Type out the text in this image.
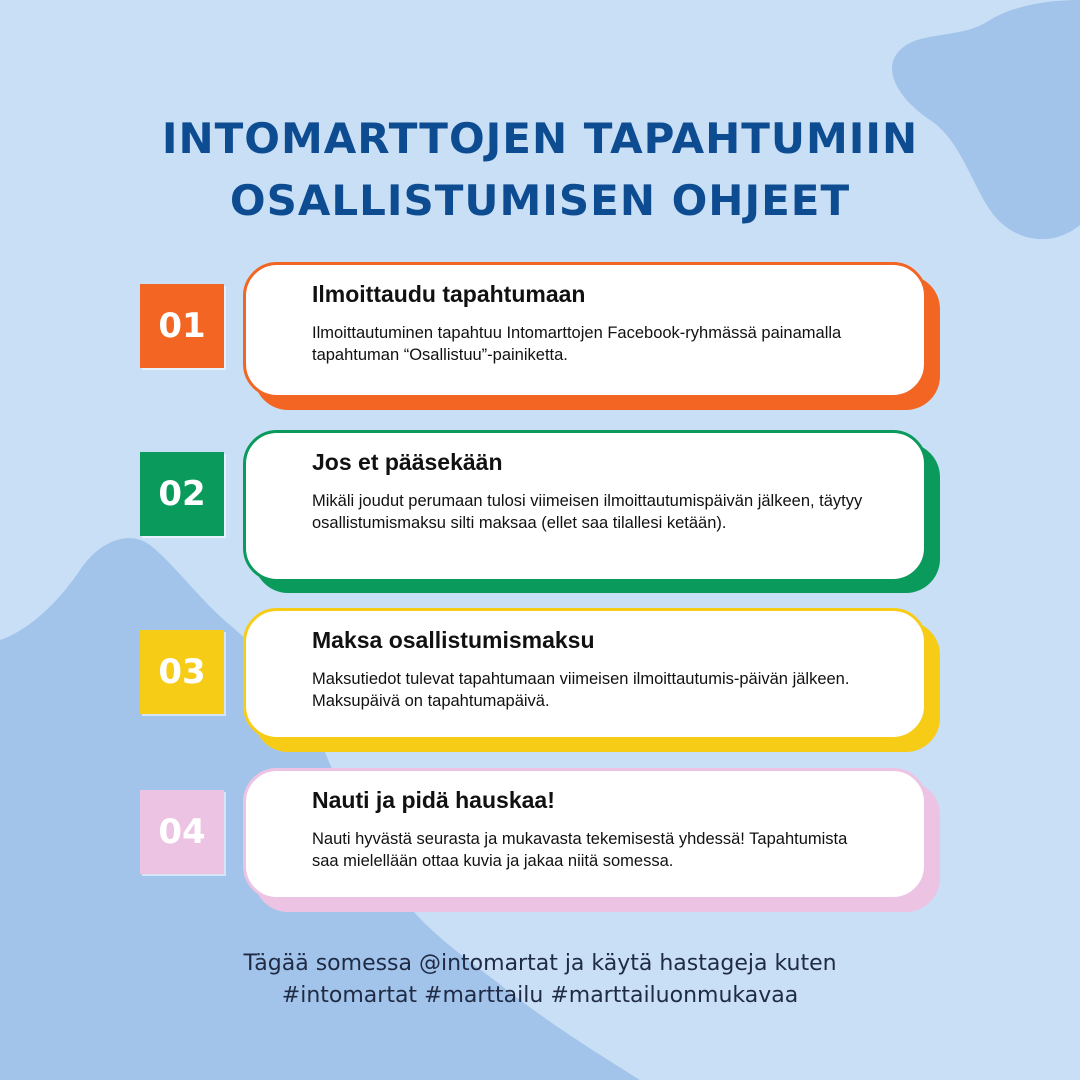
INTOMARTTOJEN TAPAHTUMIIN
OSALLISTUMISEN OHJEET
01
Ilmoittaudu tapahtumaan
Ilmoittautuminen tapahtuu Intomarttojen Facebook-ryhmässä painamalla tapahtuman “Osallistuu”-painiketta.
02
Jos et pääsekään
Mikäli joudut perumaan tulosi viimeisen ilmoittautumispäivän jälkeen, täytyy osallistumismaksu silti maksaa (ellet saa tilallesi ketään).
03
Maksa osallistumismaksu
Maksutiedot tulevat tapahtumaan viimeisen ilmoittautumis-päivän jälkeen. Maksupäivä on tapahtumapäivä.
04
Nauti ja pidä hauskaa!
Nauti hyvästä seurasta ja mukavasta tekemisestä yhdessä! Tapahtumista saa mielellään ottaa kuvia ja jakaa niitä somessa.
Tägää somessa @intomartat ja käytä hastageja kuten
#intomartat #marttailu #marttailuonmukavaa
